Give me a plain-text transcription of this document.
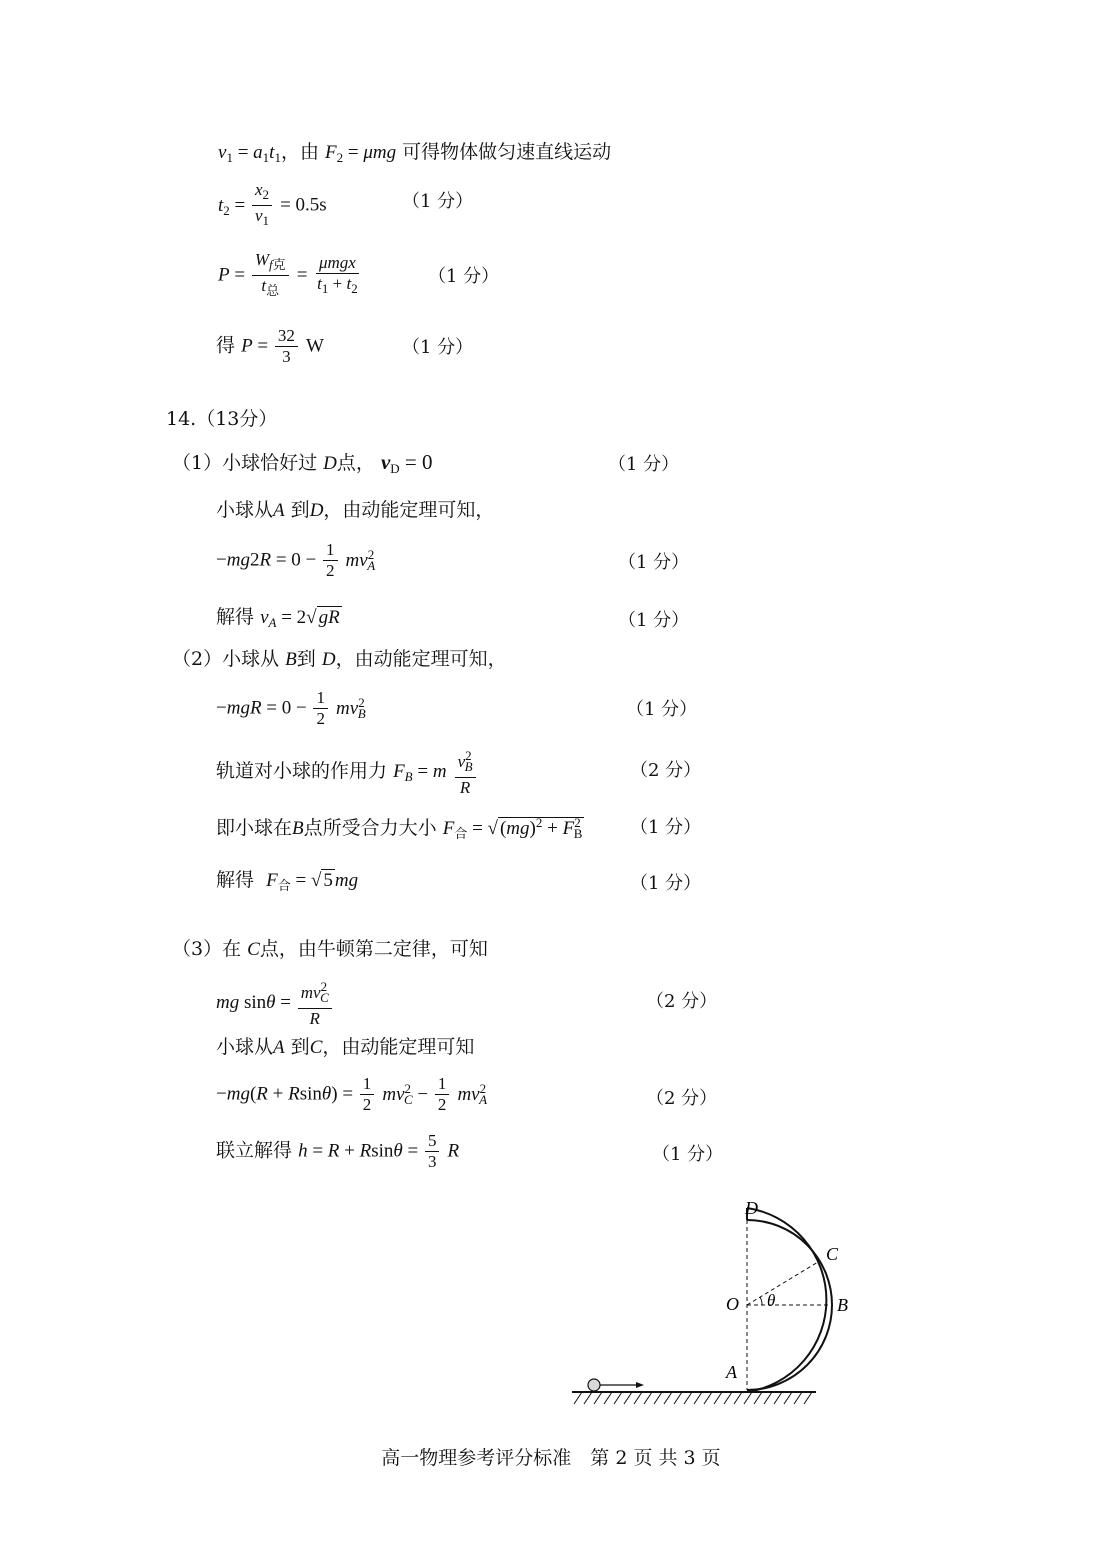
$v_1 = a_1t_1$，由 $F_2 = \mu mg$ 可得物体做匀速直线运动
$t_2 = \frac{x_2}{v_1} = 0.5s$	（1 分）
$P = \frac{W_{f克}}{t_总} = \frac{\text{μmgx}}{t_1 + t_2}$	（1 分）
得 $P = \frac{32}{3}$ W	（1 分）
14.（13分）
（1）小球恰好过 D点， $v_D = 0$	（1 分）
小球从A 到D，由动能定理可知，
$-mg2R = 0 - \frac{1}{2} mv^2_A$	（1 分）
解得 $v_A = 2√$ gR	（1 分）
（2）小球从 B到 D，由动能定理可知，
$-mgR = 0 - \frac{1}{2} mv^2_B$	（1 分）
轨道对小球的作用力 $F_B = m \frac{v^2_B}{R}$	（2 分）
即小球在B点所受合力大小 $F_合$ = √ $(mg)^2 + F^2_B$	（1 分）
解得 $F_合$ = √ 5 mg	（1 分）
（3）在 C点，由牛顿第二定律，可知
mg $\sin\theta = \frac{mv^2_C}{R}$	（2 分）
小球从A 到C，由动能定理可知
$-mg(R + Rsin\theta) = \frac{1}{2} mv^2_C - \frac{1}{2} mv^2_A$	（2 分）
联立解得 $h = R + Rsin\theta = \frac{5}{3}$ R	（1 分）
D
C
O	B
A
θ
高一物理参考评分标准　第 2 页 共 3 页
